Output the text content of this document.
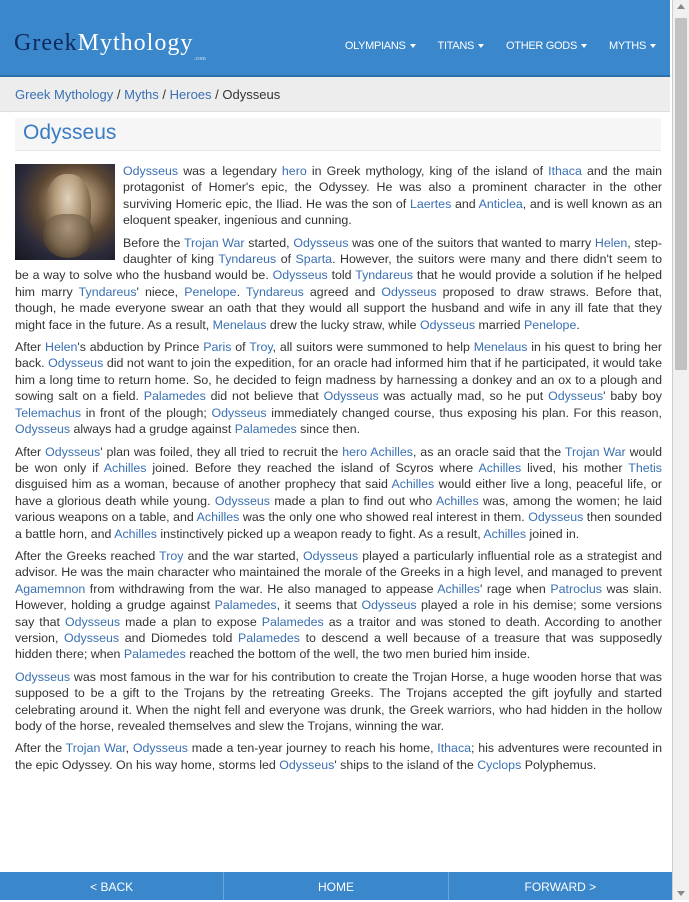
GreekMythology
.com
OLYMPIANS	TITANS	OTHER GODS	MYTHS
Greek Mythology / Myths / Heroes / Odysseus
Odysseus

Odysseus was a legendary hero in Greek mythology, king of the island of Ithaca and the main protagonist of Homer's epic, the Odyssey. He was also a prominent character in the other surviving Homeric epic, the Iliad. He was the son of Laertes and Anticlea, and is well known as an eloquent speaker, ingenious and cunning.

Before the Trojan War started, Odysseus was one of the suitors that wanted to marry Helen, step-daughter of king Tyndareus of Sparta. However, the suitors were many and there didn't seem to be a way to solve who the husband would be. Odysseus told Tyndareus that he would provide a solution if he helped him marry Tyndareus' niece, Penelope. Tyndareus agreed and Odysseus proposed to draw straws. Before that, though, he made everyone swear an oath that they would all support the husband and wife in any ill fate that they might face in the future. As a result, Menelaus drew the lucky straw, while Odysseus married Penelope.

After Helen's abduction by Prince Paris of Troy, all suitors were summoned to help Menelaus in his quest to bring her back. Odysseus did not want to join the expedition, for an oracle had informed him that if he participated, it would take him a long time to return home. So, he decided to feign madness by harnessing a donkey and an ox to a plough and sowing salt on a field. Palamedes did not believe that Odysseus was actually mad, so he put Odysseus' baby boy Telemachus in front of the plough; Odysseus immediately changed course, thus exposing his plan. For this reason, Odysseus always had a grudge against Palamedes since then.

After Odysseus' plan was foiled, they all tried to recruit the hero Achilles, as an oracle said that the Trojan War would be won only if Achilles joined. Before they reached the island of Scyros where Achilles lived, his mother Thetis disguised him as a woman, because of another prophecy that said Achilles would either live a long, peaceful life, or have a glorious death while young. Odysseus made a plan to find out who Achilles was, among the women; he laid various weapons on a table, and Achilles was the only one who showed real interest in them. Odysseus then sounded a battle horn, and Achilles instinctively picked up a weapon ready to fight. As a result, Achilles joined in.

After the Greeks reached Troy and the war started, Odysseus played a particularly influential role as a strategist and advisor. He was the main character who maintained the morale of the Greeks in a high level, and managed to prevent Agamemnon from withdrawing from the war. He also managed to appease Achilles' rage when Patroclus was slain. However, holding a grudge against Palamedes, it seems that Odysseus played a role in his demise; some versions say that Odysseus made a plan to expose Palamedes as a traitor and was stoned to death. According to another version, Odysseus and Diomedes told Palamedes to descend a well because of a treasure that was supposedly hidden there; when Palamedes reached the bottom of the well, the two men buried him inside.

Odysseus was most famous in the war for his contribution to create the Trojan Horse, a huge wooden horse that was supposed to be a gift to the Trojans by the retreating Greeks. The Trojans accepted the gift joyfully and started celebrating around it. When the night fell and everyone was drunk, the Greek warriors, who had hidden in the hollow body of the horse, revealed themselves and slew the Trojans, winning the war.

After the Trojan War, Odysseus made a ten-year journey to reach his home, Ithaca; his adventures were recounted in the epic Odyssey. On his way home, storms led Odysseus' ships to the island of the Cyclops Polyphemus.

< BACK	HOME	FORWARD >
